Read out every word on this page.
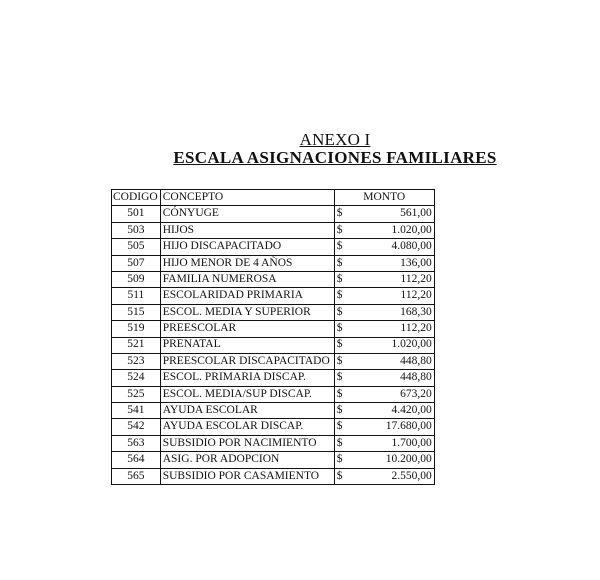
ANEXO I
ESCALA ASIGNACIONES FAMILIARES
CODIGO	CONCEPTO	MONTO	
501	CÓNYUGE	$	561,00
503	HIJOS	$	1.020,00
505	HIJO DISCAPACITADO	$	4.080,00
507	HIJO MENOR DE 4 AÑOS	$	136,00
509	FAMILIA NUMEROSA	$	112,20
511	ESCOLARIDAD PRIMARIA	$	112,20
515	ESCOL. MEDIA Y SUPERIOR	$	168,30
519	PREESCOLAR	$	112,20
521	PRENATAL	$	1.020,00
523	PREESCOLAR DISCAPACITADO	$	448,80
524	ESCOL. PRIMARIA DISCAP.	$	448,80
525	ESCOL. MEDIA/SUP DISCAP.	$	673,20
541	AYUDA ESCOLAR	$	4.420,00
542	AYUDA ESCOLAR DISCAP.	$	17.680,00
563	SUBSIDIO POR NACIMIENTO	$	1.700,00
564	ASIG. POR ADOPCION	$	10.200,00
565	SUBSIDIO POR CASAMIENTO	$	2.550,00
